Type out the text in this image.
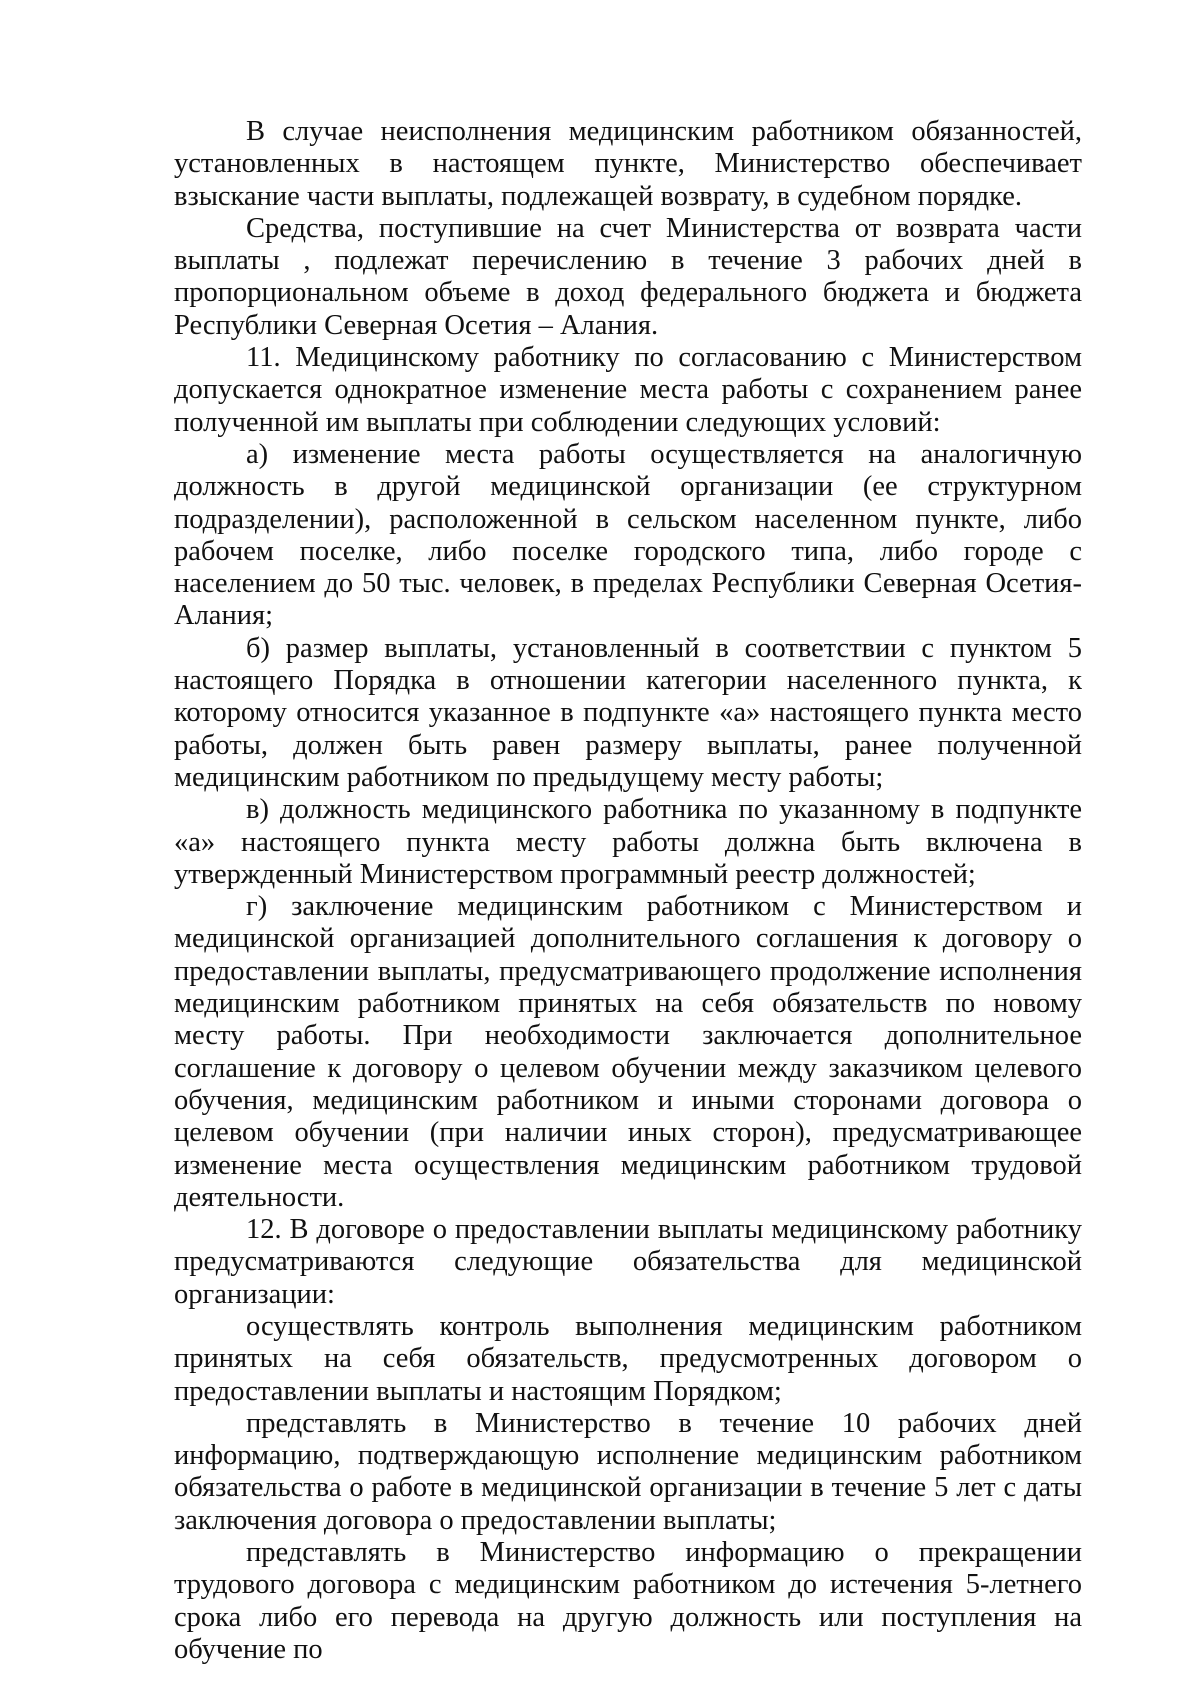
В случае неисполнения медицинским работником обязанностей, установленных в настоящем пункте, Министерство обеспечивает взыскание части выплаты, подлежащей возврату, в судебном порядке.

Средства, поступившие на счет Министерства от возврата части выплаты , подлежат перечислению в течение 3 рабочих дней в пропорциональном объеме в доход федерального бюджета и бюджета Республики Северная Осетия – Алания.

11. Медицинскому работнику по согласованию с Министерством допускается однократное изменение места работы с сохранением ранее полученной им выплаты при соблюдении следующих условий:

а) изменение места работы осуществляется на аналогичную должность в другой медицинской организации (ее структурном подразделении), расположенной в сельском населенном пункте, либо рабочем поселке, либо поселке городского типа, либо городе с населением до 50 тыс. человек, в пределах Республики Северная Осетия-Алания;

б) размер выплаты, установленный в соответствии с пунктом 5 настоящего Порядка в отношении категории населенного пункта, к которому относится указанное в подпункте «а» настоящего пункта место работы, должен быть равен размеру выплаты, ранее полученной медицинским работником по предыдущему месту работы;

в) должность медицинского работника по указанному в подпункте «а» настоящего пункта месту работы должна быть включена в утвержденный Министерством программный реестр должностей;

г) заключение медицинским работником с Министерством и медицинской организацией дополнительного соглашения к договору о предоставлении выплаты, предусматривающего продолжение исполнения медицинским работником принятых на себя обязательств по новому месту работы. При необходимости заключается дополнительное соглашение к договору о целевом обучении между заказчиком целевого обучения, медицинским работником и иными сторонами договора о целевом обучении (при наличии иных сторон), предусматривающее изменение места осуществления медицинским работником трудовой деятельности.

12. В договоре о предоставлении выплаты медицинскому работнику предусматриваются следующие обязательства для медицинской организации:

осуществлять контроль выполнения медицинским работником принятых на себя обязательств, предусмотренных договором о предоставлении выплаты и настоящим Порядком;

представлять в Министерство в течение 10 рабочих дней информацию, подтверждающую исполнение медицинским работником обязательства о работе в медицинской организации в течение 5 лет с даты заключения договора о предоставлении выплаты;

представлять в Министерство информацию о прекращении трудового договора с медицинским работником до истечения 5-летнего срока либо его перевода на другую должность или поступления на обучение по
